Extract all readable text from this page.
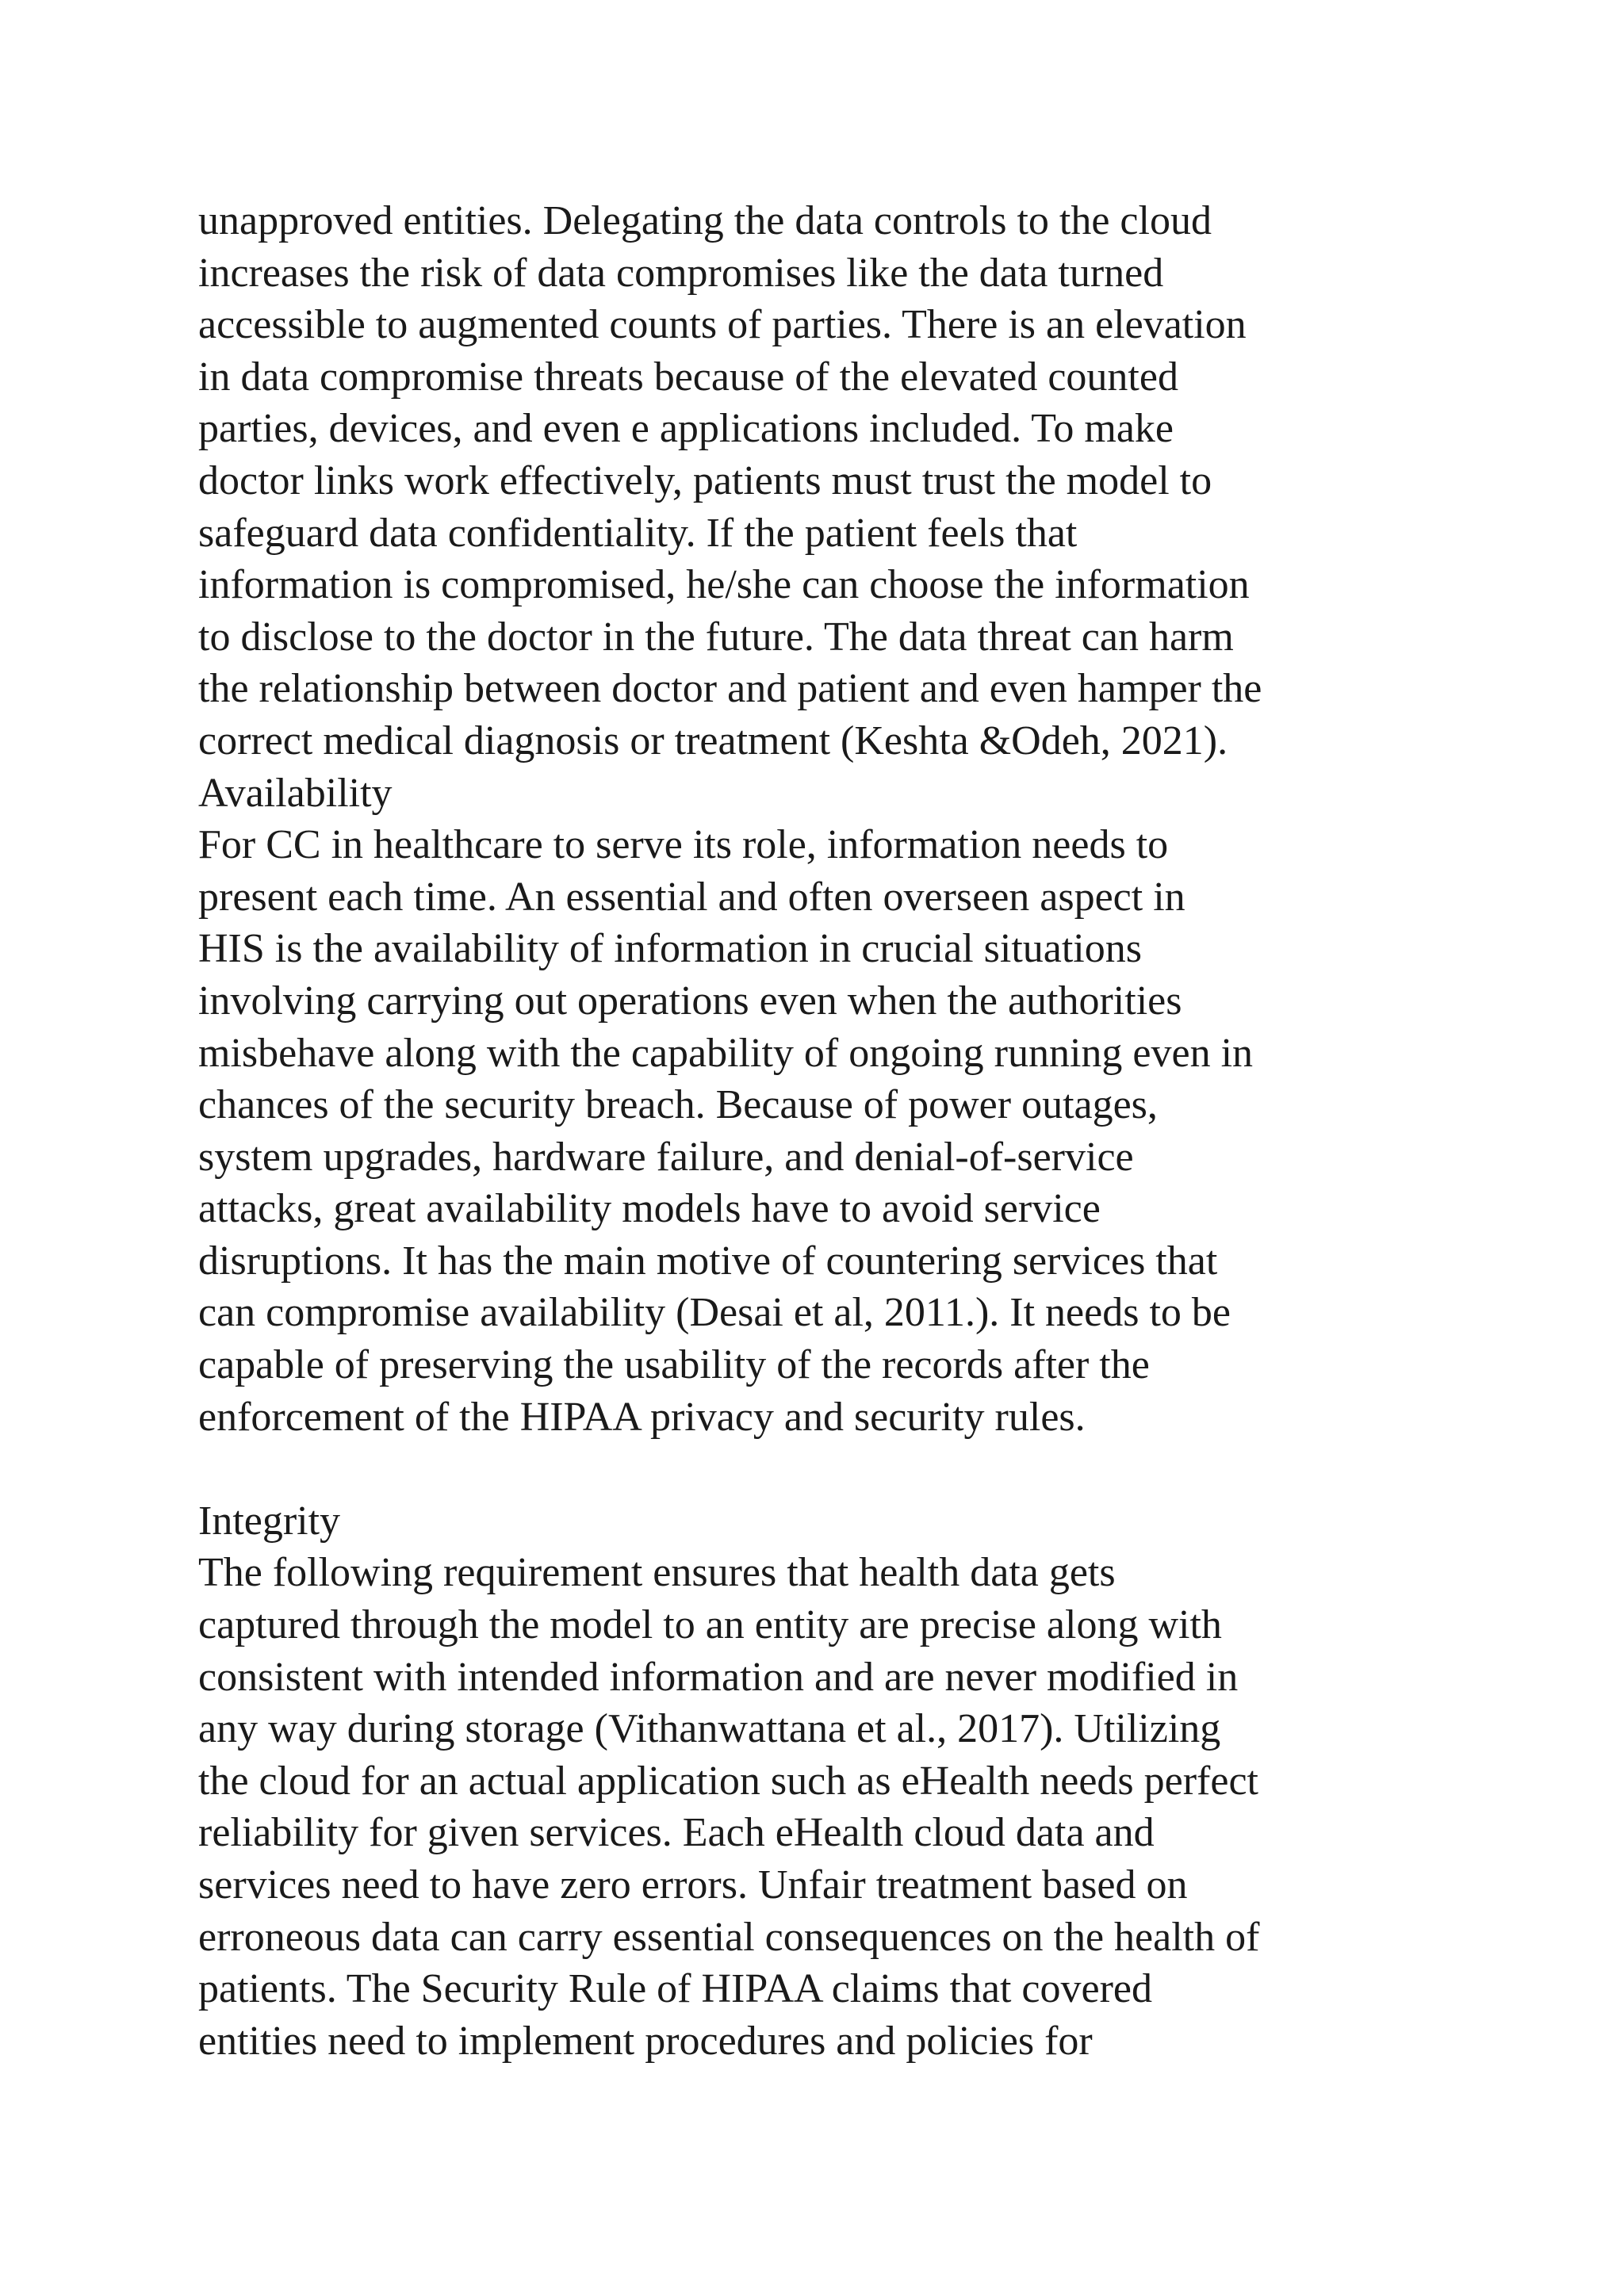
unapproved entities. Delegating the data controls to the cloud
increases the risk of data compromises like the data turned
accessible to augmented counts of parties. There is an elevation
in data compromise threats because of the elevated counted
parties, devices, and even e applications included. To make
doctor links work effectively, patients must trust the model to
safeguard data confidentiality. If the patient feels that
information is compromised, he/she can choose the information
to disclose to the doctor in the future. The data threat can harm
the relationship between doctor and patient and even hamper the
correct medical diagnosis or treatment (Keshta &Odeh, 2021).
Availability
For CC in healthcare to serve its role, information needs to
present each time. An essential and often overseen aspect in
HIS is the availability of information in crucial situations
involving carrying out operations even when the authorities
misbehave along with the capability of ongoing running even in
chances of the security breach. Because of power outages,
system upgrades, hardware failure, and denial-of-service
attacks, great availability models have to avoid service
disruptions. It has the main motive of countering services that
can compromise availability (Desai et al, 2011.). It needs to be
capable of preserving the usability of the records after the
enforcement of the HIPAA privacy and security rules.
Integrity
The following requirement ensures that health data gets
captured through the model to an entity are precise along with
consistent with intended information and are never modified in
any way during storage (Vithanwattana et al., 2017). Utilizing
the cloud for an actual application such as eHealth needs perfect
reliability for given services. Each eHealth cloud data and
services need to have zero errors. Unfair treatment based on
erroneous data can carry essential consequences on the health of
patients. The Security Rule of HIPAA claims that covered
entities need to implement procedures and policies for
